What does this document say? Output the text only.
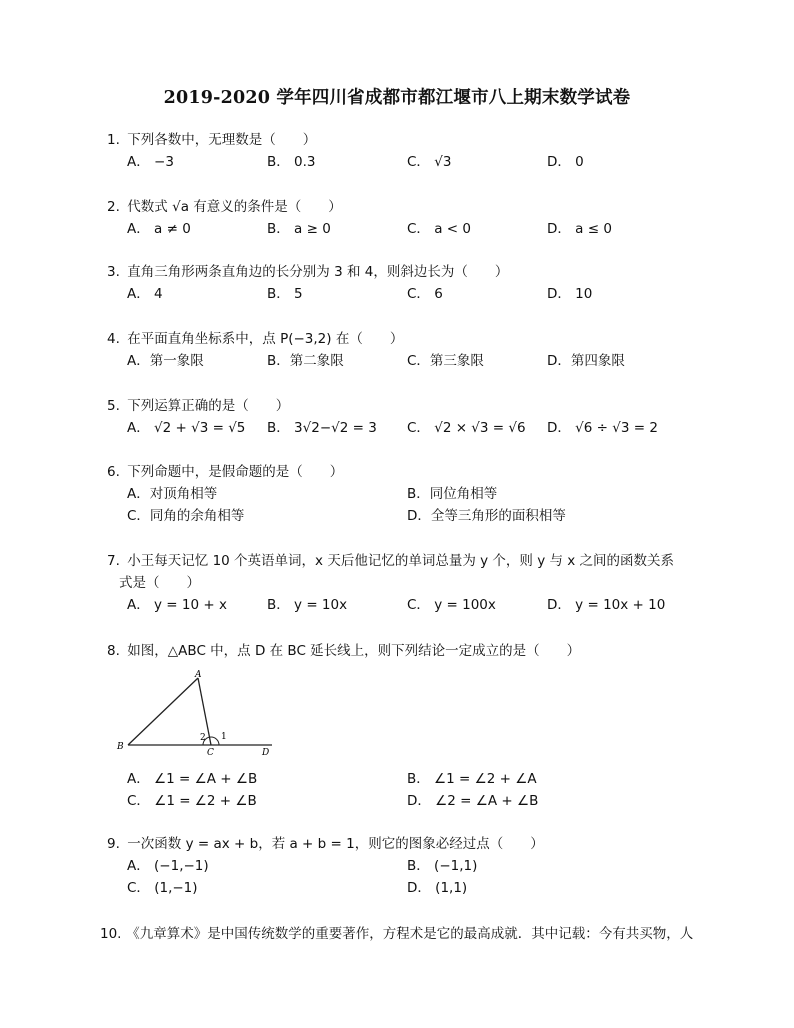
2019-2020 学年四川省成都市都江堰市八上期末数学试卷
1. 下列各数中，无理数是（　　）
A． −3	B． 0.3	C． √3	D． 0
2. 代数式 √a 有意义的条件是（　　）
A． a ≠ 0	B． a ≥ 0	C． a < 0	D． a ≤ 0
3. 直角三角形两条直角边的长分别为 3 和 4，则斜边长为（　　）
A． 4	B． 5	C． 6	D． 10
4. 在平面直角坐标系中，点 P(−3,2) 在（　　）
A．第一象限	B．第二象限	C．第三象限	D．第四象限
5. 下列运算正确的是（　　）
A． √2 + √3 = √5 B． 3√2−√2 = 3 C． √2 × √3 = √6 D． √6 ÷ √3 = 2
6. 下列命题中，是假命题的是（　　）
A．对顶角相等	B．同位角相等
C．同角的余角相等	D．全等三角形的面积相等
7. 小王每天记忆 10 个英语单词，x 天后他记忆的单词总量为 y 个，则 y 与 x 之间的函数关系
式是（　　）
A． y = 10 + x	B． y = 10x	C． y = 100x	D． y = 10x + 10
8. 如图，△ABC 中，点 D 在 BC 延长线上，则下列结论一定成立的是（　　）
A
B
C	D
1
2
A． ∠1 = ∠A + ∠B	B． ∠1 = ∠2 + ∠A
C． ∠1 = ∠2 + ∠B	D． ∠2 = ∠A + ∠B
9. 一次函数 y = ax + b，若 a + b = 1，则它的图象必经过点（　　）
A． (−1,−1)	B． (−1,1)
C． (1,−1)	D． (1,1)
10. 《九章算术》是中国传统数学的重要著作，方程术是它的最高成就．其中记载：今有共买物，人
